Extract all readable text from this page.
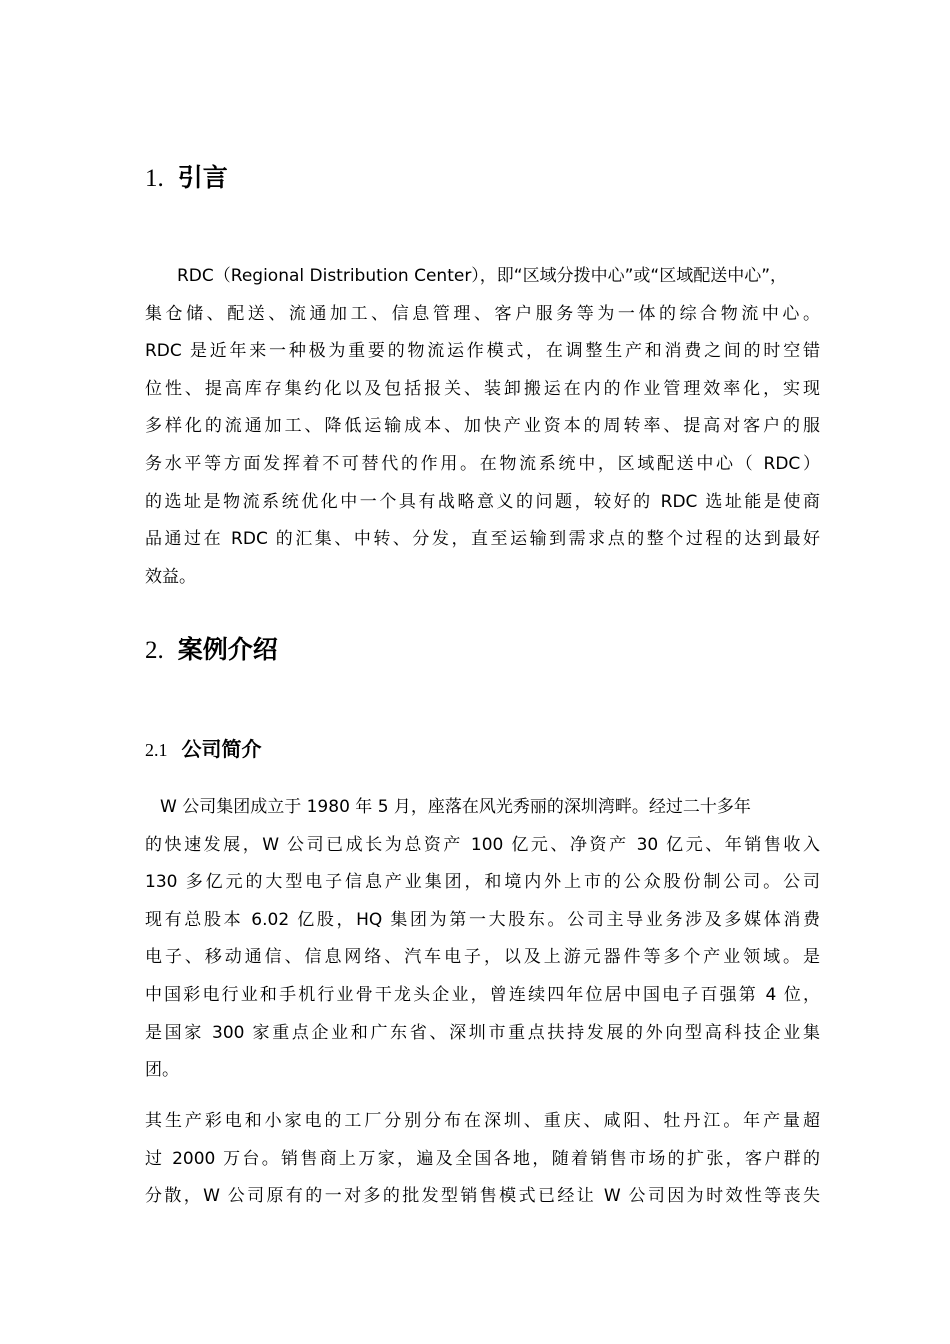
1. 引言
RDC（Regional Distribution Center），即“区域分拨中心”或“区域配送中心”，
集仓储、配送、流通加工、信息管理、客户服务等为一体的综合物流中心。
RDC 是近年来一种极为重要的物流运作模式，在调整生产和消费之间的时空错
位性、提高库存集约化以及包括报关、装卸搬运在内的作业管理效率化，实现
多样化的流通加工、降低运输成本、加快产业资本的周转率、提高对客户的服
务水平等方面发挥着不可替代的作用。在物流系统中，区域配送中心（ RDC）
的选址是物流系统优化中一个具有战略意义的问题，较好的 RDC 选址能是使商
品通过在 RDC 的汇集、中转、分发，直至运输到需求点的整个过程的达到最好
效益。
2. 案例介绍
2.1 公司简介
W 公司集团成立于 1980 年 5 月，座落在风光秀丽的深圳湾畔。经过二十多年
的快速发展，W 公司已成长为总资产 100 亿元、净资产 30 亿元、年销售收入
130 多亿元的大型电子信息产业集团，和境内外上市的公众股份制公司。公司
现有总股本 6.02 亿股，HQ 集团为第一大股东。公司主导业务涉及多媒体消费
电子、移动通信、信息网络、汽车电子，以及上游元器件等多个产业领域。是
中国彩电行业和手机行业骨干龙头企业，曾连续四年位居中国电子百强第 4 位，
是国家 300 家重点企业和广东省、深圳市重点扶持发展的外向型高科技企业集
团。
其生产彩电和小家电的工厂分别分布在深圳、重庆、咸阳、牡丹江。年产量超
过 2000 万台。销售商上万家，遍及全国各地，随着销售市场的扩张，客户群的
分散，W 公司原有的一对多的批发型销售模式已经让 W 公司因为时效性等丧失
